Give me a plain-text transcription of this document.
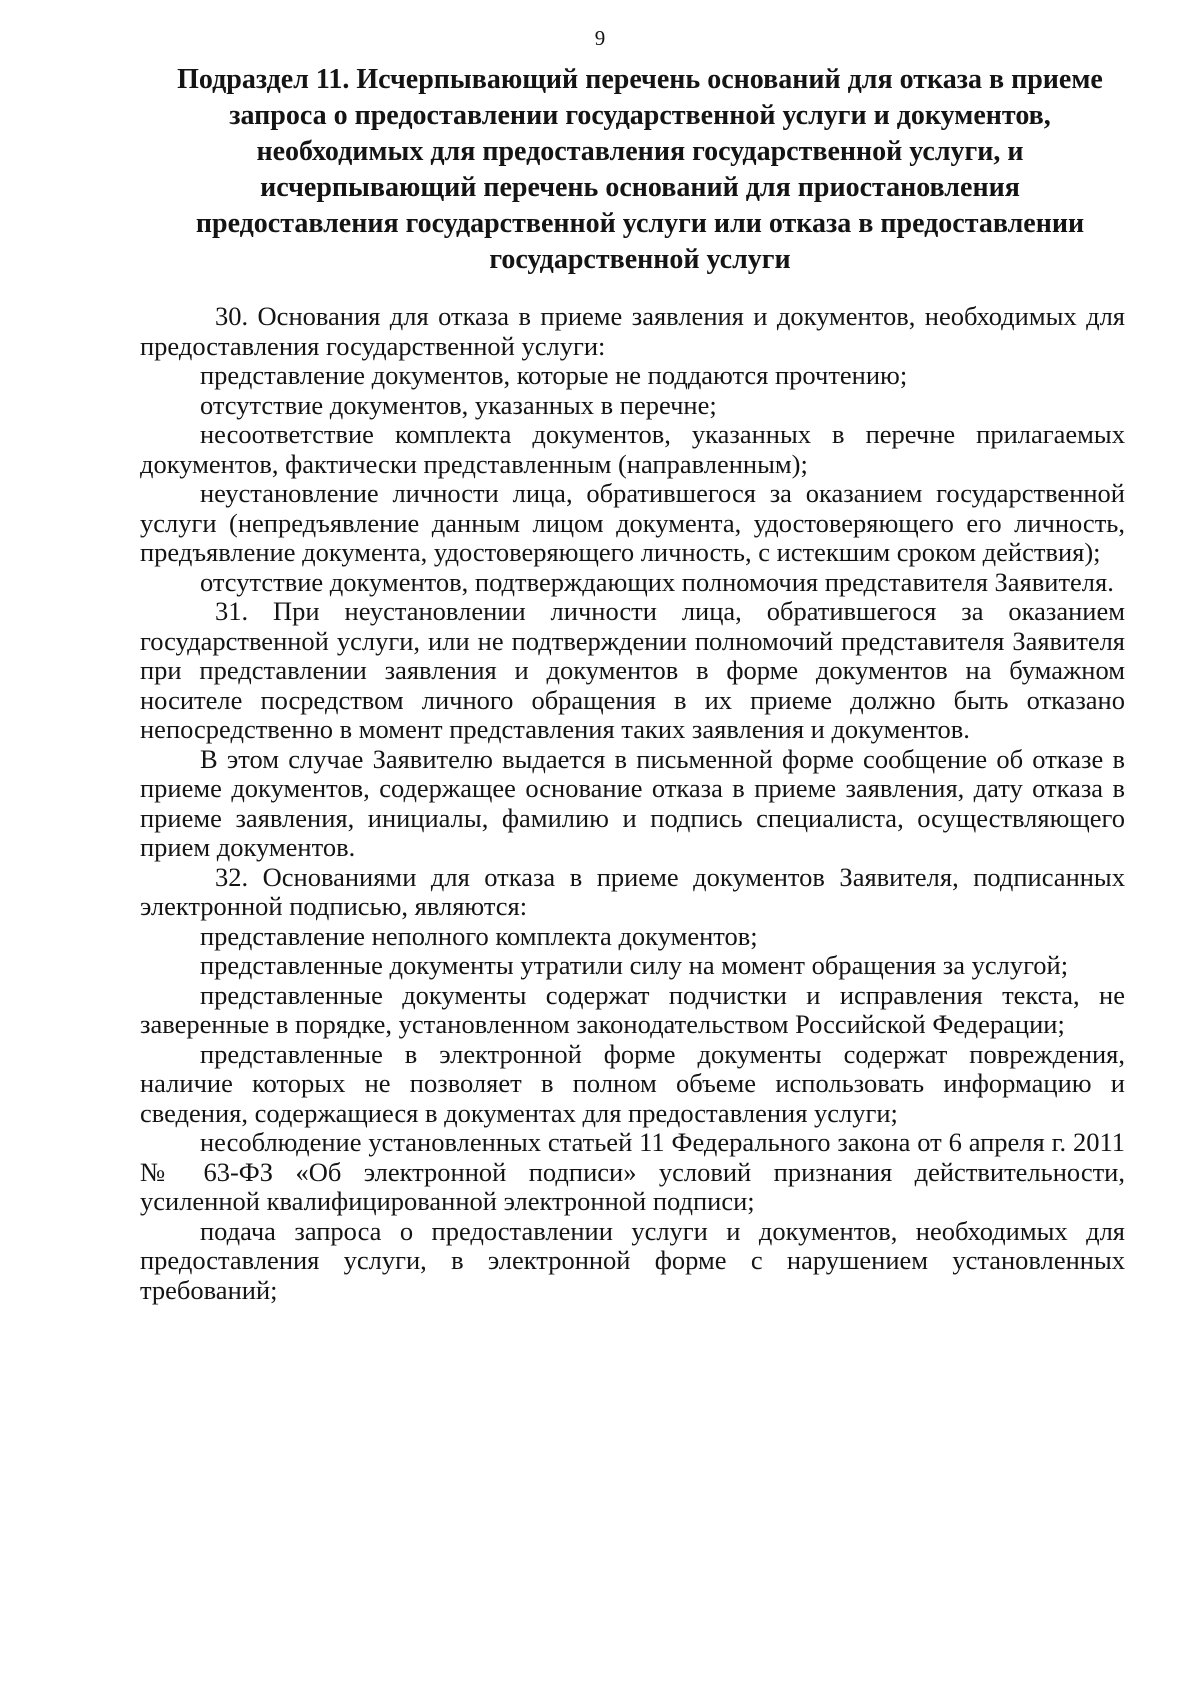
9
Подраздел 11. Исчерпывающий перечень оснований для отказа в приеме
запроса о предоставлении государственной услуги и документов,
необходимых для предоставления государственной услуги, и
исчерпывающий перечень оснований для приостановления
предоставления государственной услуги или отказа в предоставлении
государственной услуги

30. Основания для отказа в приеме заявления и документов, необходимых для предоставления государственной услуги:

представление документов, которые не поддаются прочтению;

отсутствие документов, указанных в перечне;

несоответствие комплекта документов, указанных в перечне прилагаемых документов, фактически представленным (направленным);

неустановление личности лица, обратившегося за оказанием государственной услуги (непредъявление данным лицом документа, удостоверяющего его личность, предъявление документа, удостоверяющего личность, с истекшим сроком действия);

отсутствие документов, подтверждающих полномочия представителя Заявителя.

31. При неустановлении личности лица, обратившегося за оказанием государственной услуги, или не подтверждении полномочий представителя Заявителя при представлении заявления и документов в форме документов на бумажном носителе посредством личного обращения в их приеме должно быть отказано непосредственно в момент представления таких заявления и документов.

В этом случае Заявителю выдается в письменной форме сообщение об отказе в приеме документов, содержащее основание отказа в приеме заявления, дату отказа в приеме заявления, инициалы, фамилию и подпись специалиста, осуществляющего прием документов.

32. Основаниями для отказа в приеме документов Заявителя, подписанных электронной подписью, являются:

представление неполного комплекта документов;

представленные документы утратили силу на момент обращения за услугой;

представленные документы содержат подчистки и исправления текста, не заверенные в порядке, установленном законодательством Российской Федерации;

представленные в электронной форме документы содержат повреждения, наличие которых не позволяет в полном объеме использовать информацию и сведения, содержащиеся в документах для предоставления услуги;

несоблюдение установленных статьей 11 Федерального закона от 6 апреля г. 2011 № 63-ФЗ «Об электронной подписи» условий признания действительности, усиленной квалифицированной электронной подписи;

подача запроса о предоставлении услуги и документов, необходимых для предоставления услуги, в электронной форме с нарушением установленных требований;
